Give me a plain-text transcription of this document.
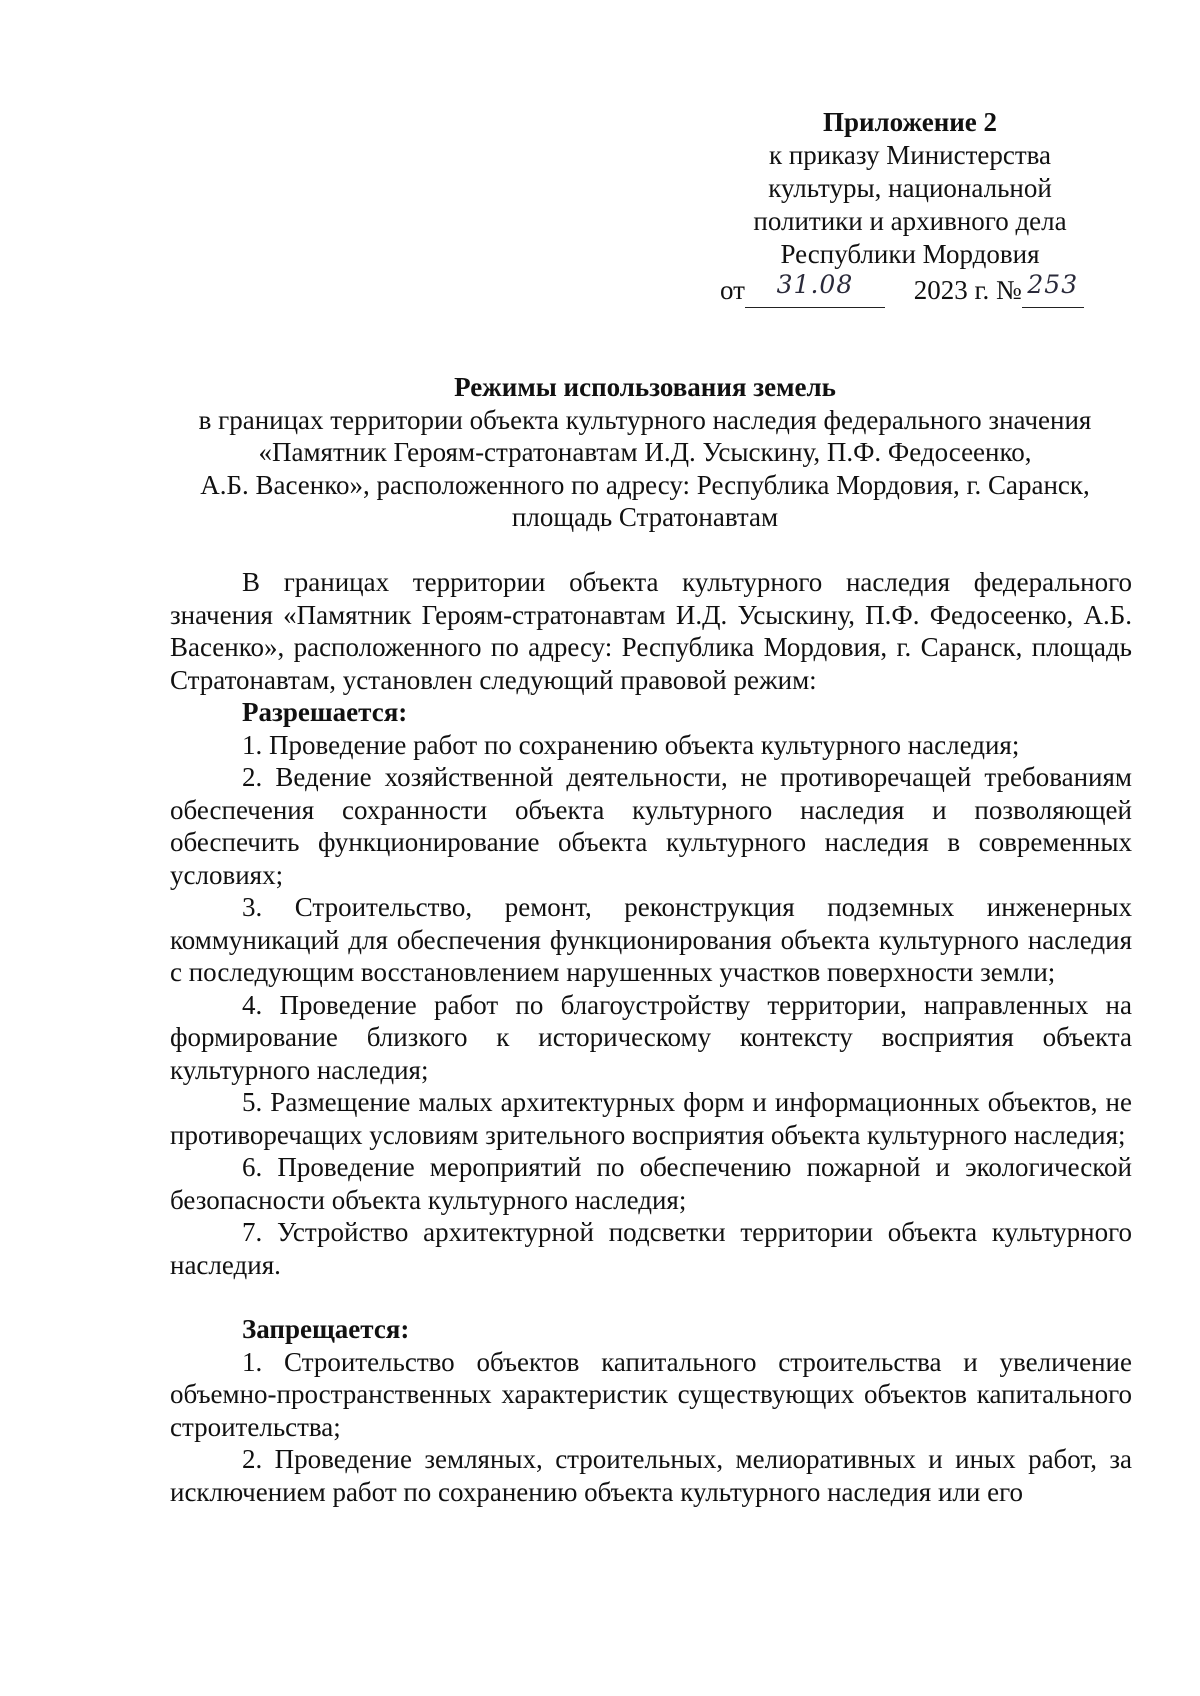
Приложение 2
к приказу Министерства
культуры, национальной
политики и архивного дела
Республики Мордовия
от	31.08	2023 г. № 253

Режимы использования земель
в границах территории объекта культурного наследия федерального значения
«Памятник Героям-стратонавтам И.Д. Усыскину, П.Ф. Федосеенко,
А.Б. Васенко», расположенного по адресу: Республика Мордовия, г. Саранск,
площадь Стратонавтам

В границах территории объекта культурного наследия федерального значения «Памятник Героям-стратонавтам И.Д. Усыскину, П.Ф. Федосеенко, А.Б. Васенко», расположенного по адресу: Республика Мордовия, г. Саранск, площадь Стратонавтам, установлен следующий правовой режим:

Разрешается:

1. Проведение работ по сохранению объекта культурного наследия;

2. Ведение хозяйственной деятельности, не противоречащей требованиям обеспечения сохранности объекта культурного наследия и позволяющей обеспечить функционирование объекта культурного наследия в современных условиях;

3. Строительство, ремонт, реконструкция подземных инженерных коммуникаций для обеспечения функционирования объекта культурного наследия с последующим восстановлением нарушенных участков поверхности земли;

4. Проведение работ по благоустройству территории, направленных на формирование близкого к историческому контексту восприятия объекта культурного наследия;

5. Размещение малых архитектурных форм и информационных объектов, не противоречащих условиям зрительного восприятия объекта культурного наследия;

6. Проведение мероприятий по обеспечению пожарной и экологической безопасности объекта культурного наследия;

7. Устройство архитектурной подсветки территории объекта культурного наследия.

Запрещается:

1. Строительство объектов капитального строительства и увеличение объемно-пространственных характеристик существующих объектов капитального строительства;

2. Проведение земляных, строительных, мелиоративных и иных работ, за исключением работ по сохранению объекта культурного наследия или его
